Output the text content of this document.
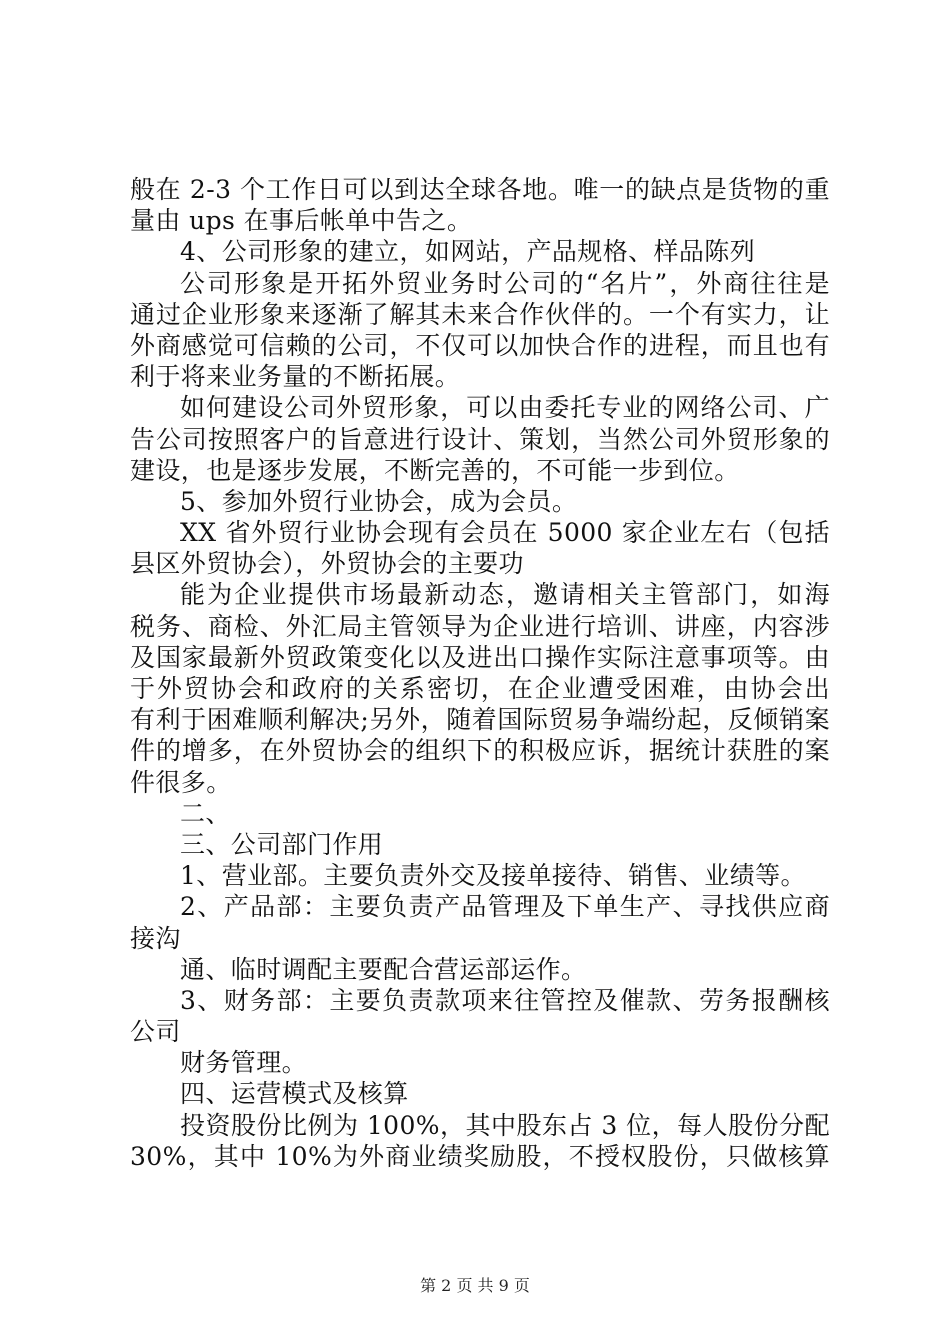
般在 2-3 个工作日可以到达全球各地。唯一的缺点是货物的重
量由 ups 在事后帐单中告之。
4、公司形象的建立，如网站，产品规格、样品陈列
公司形象是开拓外贸业务时公司的“名片”，外商往往是
通过企业形象来逐渐了解其未来合作伙伴的。一个有实力，让
外商感觉可信赖的公司，不仅可以加快合作的进程，而且也有
利于将来业务量的不断拓展。
如何建设公司外贸形象，可以由委托专业的网络公司、广
告公司按照客户的旨意进行设计、策划，当然公司外贸形象的
建设，也是逐步发展，不断完善的，不可能一步到位。
5、参加外贸行业协会，成为会员。
XX 省外贸行业协会现有会员在 5000 家企业左右（包括
县区外贸协会），外贸协会的主要功
能为企业提供市场最新动态，邀请相关主管部门，如海
税务、商检、外汇局主管领导为企业进行培训、讲座，内容涉
及国家最新外贸政策变化以及进出口操作实际注意事项等。由
于外贸协会和政府的关系密切，在企业遭受困难，由协会出
有利于困难顺利解决;另外，随着国际贸易争端纷起，反倾销案
件的增多，在外贸协会的组织下的积极应诉，据统计获胜的案
件很多。
二、
三、公司部门作用
1、营业部。主要负责外交及接单接待、销售、业绩等。
2、产品部：主要负责产品管理及下单生产、寻找供应商
接沟
通、临时调配主要配合营运部运作。
3、财务部：主要负责款项来往管控及催款、劳务报酬核
公司
财务管理。
四、运营模式及核算
投资股份比例为 100%，其中股东占 3 位，每人股份分配
30%，其中 10%为外商业绩奖励股，不授权股份，只做核算
第 2 页 共 9 页
